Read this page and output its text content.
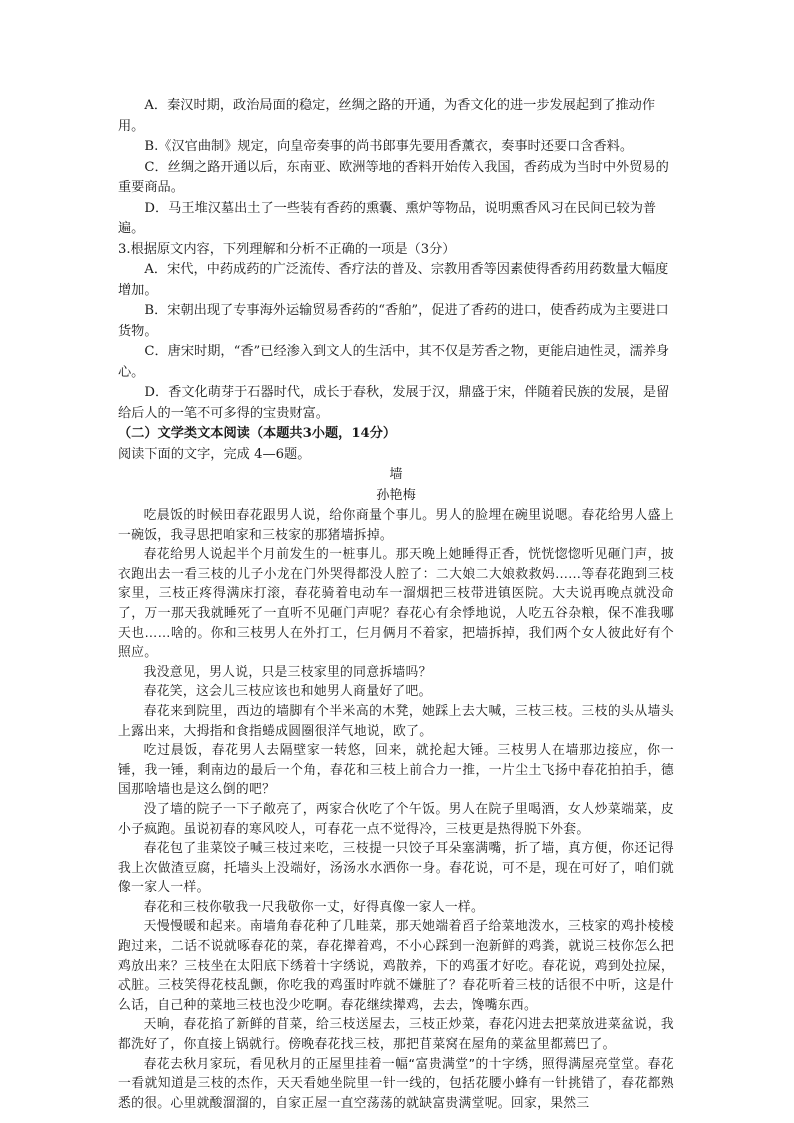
A．秦汉时期，政治局面的稳定，丝绸之路的开通，为香文化的进一步发展起到了推动作用。

B.《汉官曲制》规定，向皇帝奏事的尚书郎事先要用香薰衣，奏事时还要口含香料。

C．丝绸之路开通以后，东南亚、欧洲等地的香料开始传入我国，香药成为当时中外贸易的重要商品。

D．马王堆汉墓出土了一些装有香药的熏囊、熏炉等物品，说明熏香风习在民间已较为普遍。

3.根据原文内容，下列理解和分析不正确的一项是（3分）

A．宋代，中药成药的广泛流传、香疗法的普及、宗教用香等因素使得香药用药数量大幅度增加。

B．宋朝出现了专事海外运输贸易香药的“香舶”，促进了香药的进口，使香药成为主要进口货物。

C．唐宋时期，“香”已经渗入到文人的生活中，其不仅是芳香之物，更能启迪性灵，濡养身心。

D．香文化萌芽于石器时代，成长于春秋，发展于汉，鼎盛于宋，伴随着民族的发展，是留给后人的一笔不可多得的宝贵财富。

（二）文学类文本阅读（本题共3小题，14分）

阅读下面的文字，完成 4—6题。

墙

孙艳梅

吃晨饭的时候田春花跟男人说，给你商量个事儿。男人的脸埋在碗里说嗯。春花给男人盛上一碗饭，我寻思把咱家和三枝家的那猪墙拆掉。

春花给男人说起半个月前发生的一桩事儿。那天晚上她睡得正香，恍恍惚惚听见砸门声，披衣跑出去一看三枝的儿子小龙在门外哭得都没人腔了：二大娘二大娘救救妈……等春花跑到三枝家里，三枝正疼得满床打滚，春花骑着电动车一溜烟把三枝带进镇医院。大夫说再晚点就没命了，万一那天我就睡死了一直听不见砸门声呢？春花心有余悸地说，人吃五谷杂粮，保不准我哪天也……啥的。你和三枝男人在外打工，仨月俩月不着家，把墙拆掉，我们两个女人彼此好有个照应。

我没意见，男人说，只是三枝家里的同意拆墙吗？

春花笑，这会儿三枝应该也和她男人商量好了吧。

春花来到院里，西边的墙脚有个半米高的木凳，她踩上去大喊，三枝三枝。三枝的头从墙头上露出来，大拇指和食指蜷成圆圈很洋气地说，欧了。

吃过晨饭，春花男人去隔壁家一转悠，回来，就抡起大锤。三枝男人在墙那边接应，你一锤，我一锤，剩南边的最后一个角，春花和三枝上前合力一推，一片尘土飞扬中春花拍拍手，德国那啥墙也是这么倒的吧？

没了墙的院子一下子敞亮了，两家合伙吃了个午饭。男人在院子里喝酒，女人炒菜端菜，皮小子疯跑。虽说初春的寒风咬人，可春花一点不觉得冷，三枝更是热得脱下外套。

春花包了韭菜饺子喊三枝过来吃，三枝提一只饺子耳朵塞满嘴，折了墙，真方便，你还记得我上次做渣豆腐，托墙头上没端好，汤汤水水洒你一身。春花说，可不是，现在可好了，咱们就像一家人一样。

春花和三枝你敬我一尺我敬你一丈，好得真像一家人一样。

天慢慢暖和起来。南墙角春花种了几畦菜，那天她端着舀子给菜地泼水，三枝家的鸡扑棱棱跑过来，二话不说就啄春花的菜，春花撵着鸡，不小心踩到一泡新鲜的鸡粪，就说三枝你怎么把鸡放出来？三枝坐在太阳底下绣着十字绣说，鸡散养，下的鸡蛋才好吃。春花说，鸡到处拉屎，忒脏。三枝笑得花枝乱颤，你吃我的鸡蛋时咋就不嫌脏了？春花听着三枝的话很不中听，这是什么话，自己种的菜地三枝也没少吃啊。春花继续撵鸡，去去，馋嘴东西。

天晌，春花掐了新鲜的苜菜，给三枝送屋去，三枝正炒菜，春花闪进去把菜放进菜盆说，我都洗好了，你直接上锅就行。傍晚春花找三枝，那把苜菜窝在屋角的菜盆里都蔫巴了。

春花去秋月家玩，看见秋月的正屋里挂着一幅“富贵满堂”的十字绣，照得满屋亮堂堂。春花一看就知道是三枝的杰作，天天看她坐院里一针一线的，包括花腰小蜂有一针挑错了，春花都熟悉的很。心里就酸溜溜的，自家正屋一直空荡荡的就缺富贵满堂呢。回家，果然三
